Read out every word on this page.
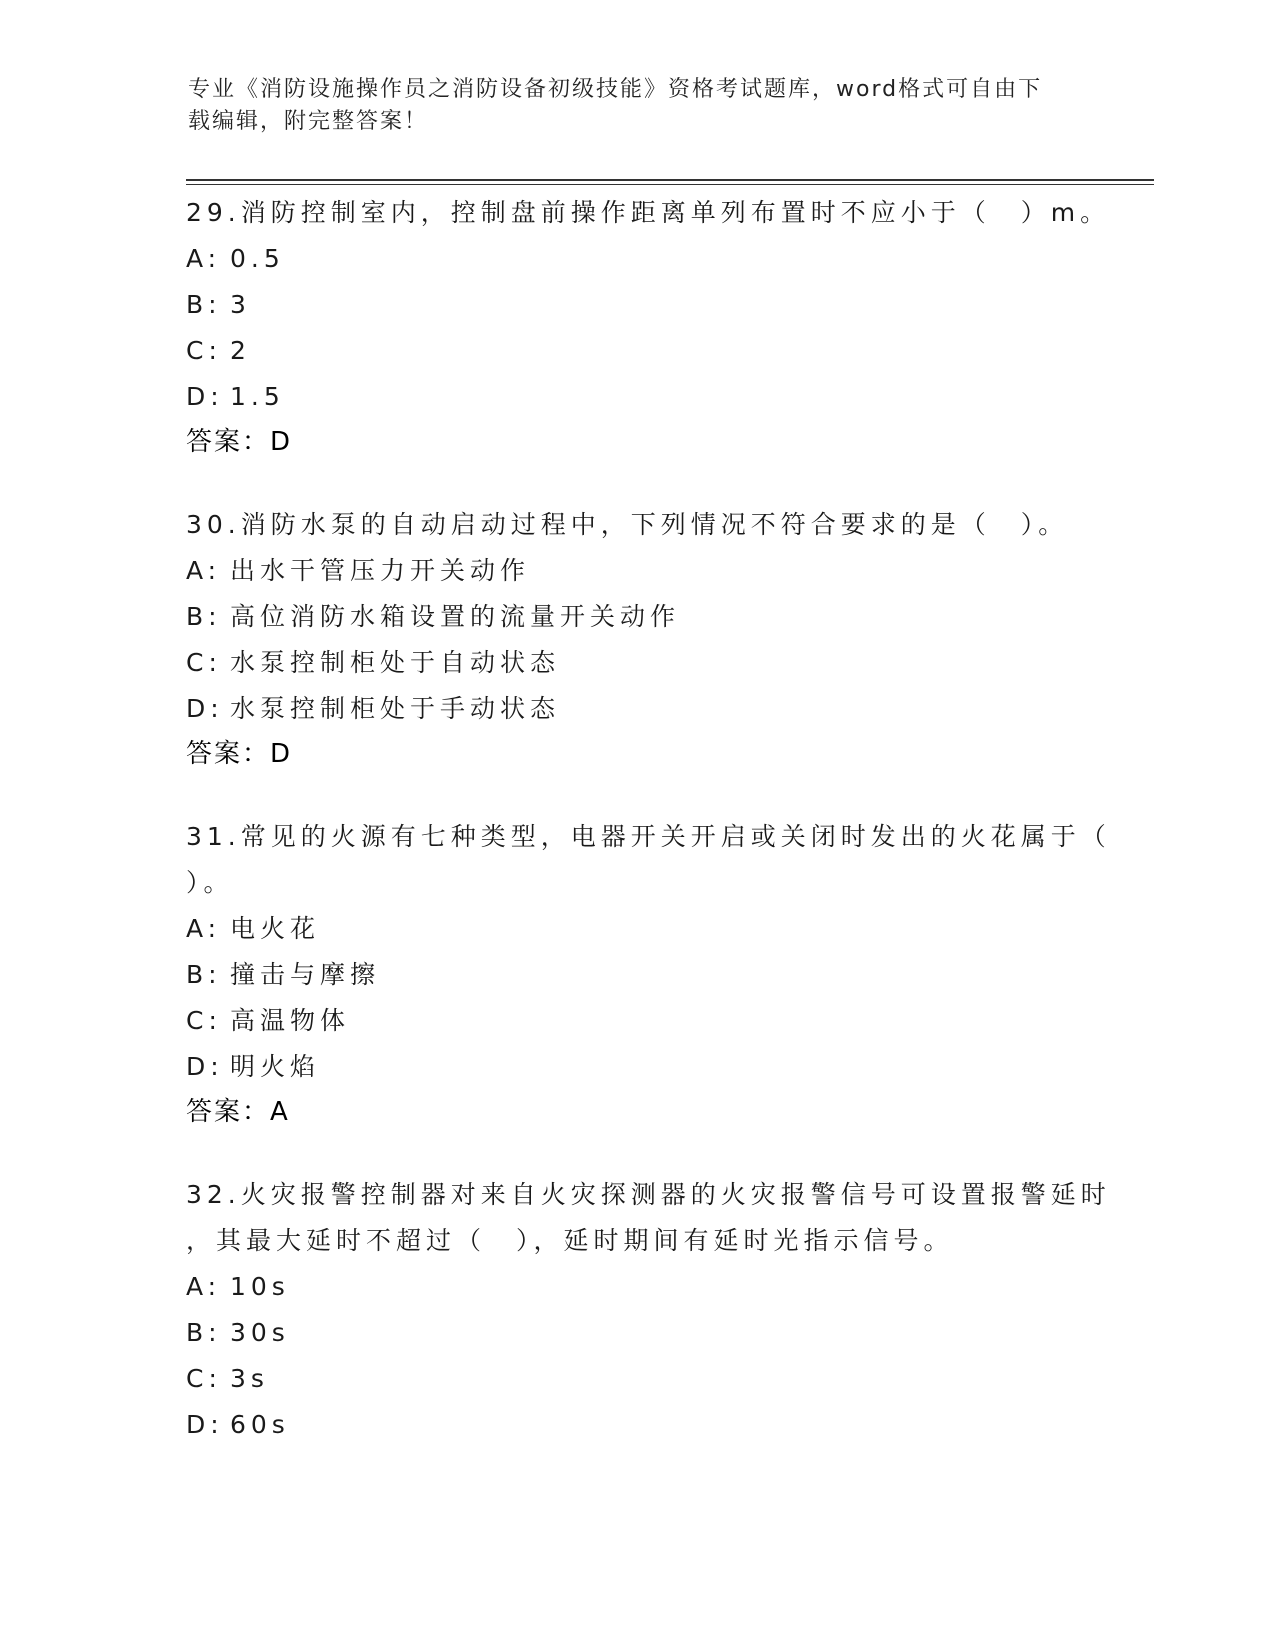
专业《消防设施操作员之消防设备初级技能》资格考试题库，word格式可自由下
载编辑，附完整答案！
29.消防控制室内，控制盘前操作距离单列布置时不应小于（　）m。
A: 0.5
B: 3
C: 2
D: 1.5
答案：D
30.消防水泵的自动启动过程中，下列情况不符合要求的是（　）。
A: 出水干管压力开关动作
B: 高位消防水箱设置的流量开关动作
C: 水泵控制柜处于自动状态
D: 水泵控制柜处于手动状态
答案：D
31.常见的火源有七种类型，电器开关开启或关闭时发出的火花属于（
）。
A: 电火花
B: 撞击与摩擦
C: 高温物体
D: 明火焰
答案：A
32.火灾报警控制器对来自火灾探测器的火灾报警信号可设置报警延时
，其最大延时不超过（　），延时期间有延时光指示信号。
A: 10s
B: 30s
C: 3s
D: 60s
